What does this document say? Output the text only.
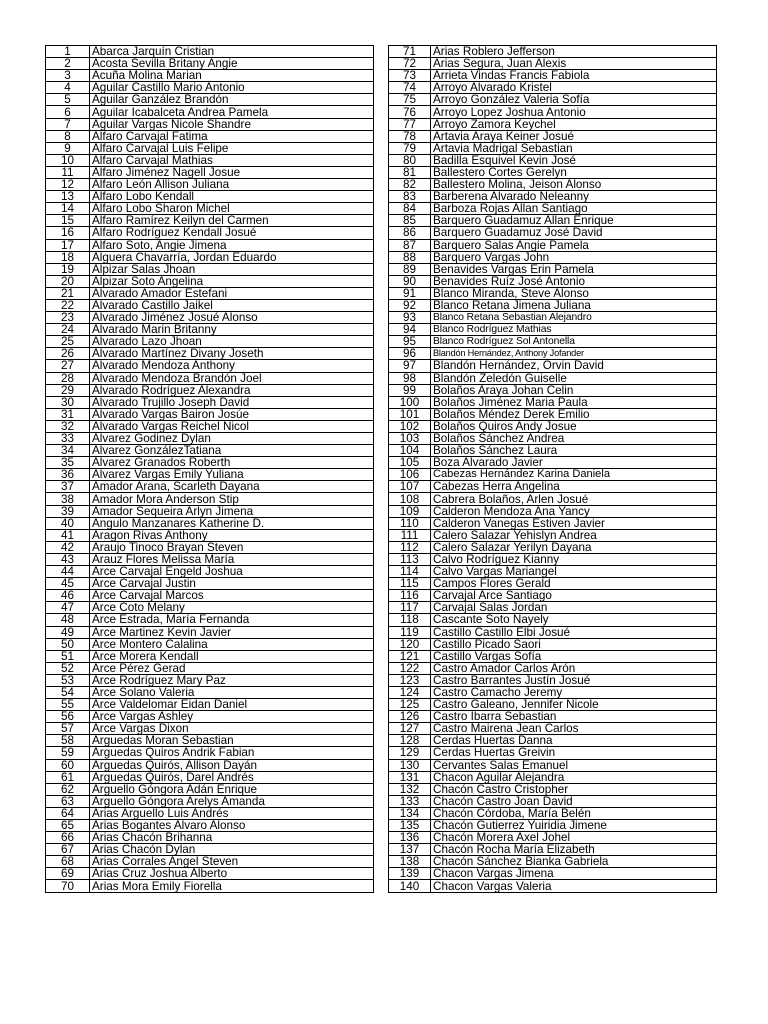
1	Abarca Jarquín Cristian
2	Acosta Sevilla Britany Angie
3	Acuña Molina Marian
4	Aguilar Castillo Mario Antonio
5	Aguilar Ganzález Brandón
6	Aguilar Icabalceta Andrea Pamela
7	Aguilar Vargas Nicole Shandre
8	Alfaro Carvajal Fatima
9	Alfaro Carvajal Luis Felipe
10	Alfaro Carvajal Mathias
11	Alfaro Jiménez Nagell Josue
12	Alfaro León Allison Juliana
13	Alfaro Lobo Kendall
14	Alfaro Lobo Sharon Michel
15	Alfaro Ramírez Keilyn del Carmen
16	Alfaro Rodríguez Kendall Josué
17	Alfaro Soto, Angie Jimena
18	Alguera Chavarría, Jordan Eduardo
19	Alpizar Salas Jhoan
20	Alpizar Soto Angelina
21	Alvarado Amador Estefani
22	Alvarado Castillo Jaikel
23	Alvarado Jiménez Josué Alonso
24	Alvarado Marin Britanny
25	Alvarado Lazo Jhoan
26	Alvarado Martínez Divany Joseth
27	Alvarado Mendoza Anthony
28	Alvarado Mendoza Brandón Joel
29	Alvarado Rodríguez Alexandra
30	Alvarado Trujillo Joseph David
31	Alvarado Vargas Bairon Josúe
32	Alvarado Vargas Reichel Nicol
33	Alvarez Godinez Dylan
34	Alvarez GonzálezTatiana
35	Alvarez Granados Roberth
36	Alvarez Vargas Emily Yuliana
37	Amador Arana, Scarleth Dayana
38	Amador Mora Anderson Stip
39	Amador Sequeira Arlyn Jimena
40	Angulo Manzanares Katherine D.
41	Aragon Rivas Anthony
42	Araujo Tinoco Brayan Steven
43	Arauz Flores Melissa María
44	Arce Carvajal Engeld Joshua
45	Arce Carvajal Justin
46	Arce Carvajal Marcos
47	Arce Coto Melany
48	Arce Estrada, María Fernanda
49	Arce Martinez Kevin Javier
50	Arce Montero Calalina
51	Arce Morera Kendall
52	Arce Pérez Gerad
53	Arce Rodríguez Mary Paz
54	Arce Solano Valeria
55	Arce Valdelomar Eidan Daniel
56	Arce Vargas Ashley
57	Arce Vargas Dixon
58	Arguedas Moran Sebastian
59	Arguedas Quiros Andrik Fabian
60	Arguedas Quirós, Allison Dayán
61	Arguedas Quirós, Darel Andrés
62	Arguello Góngora Adán Enrique
63	Arguello Góngora Arelys Amanda
64	Arias Arguello Luis Andrés
65	Arias Bogantes Alvaro Alonso
66	Arias Chacón Brihanna
67	Arias Chacón Dylan
68	Arias Corrales Angel Steven
69	Arias Cruz Joshua Alberto
70	Arias Mora Emily Fiorella
71	Arias Roblero Jefferson
72	Arias Segura, Juan Alexis
73	Arrieta Vindas Francis Fabiola
74	Arroyo Alvarado Kristel
75	Arroyo González Valeria Sofía
76	Arroyo Lopez Joshua Antonio
77	Arroyo Zamora Keychel
78	Artavia Araya Keiner Josué
79	Artavia Madrigal Sebastian
80	Badilla Esquivel Kevin José
81	Ballestero Cortes Gerelyn
82	Ballestero Molina, Jeison Alonso
83	Barberena Alvarado Neleanny
84	Barboza Rojas Allan Santiago
85	Barquero Guadamuz Allan Enrique
86	Barquero Guadamuz José David
87	Barquero Salas Angie Pamela
88	Barquero Vargas John
89	Benavides Vargas Erin Pamela
90	Benavides Ruíz José Antonio
91	Blanco Miranda, Steve Alonso
92	Blanco Retana Jimena Juliana
93	Blanco Retana Sebastian Alejandro
94	Blanco Rodríguez Mathias
95	Blanco Rodríguez Sol Antonella
96	Blandón Hernández, Anthony Jofander
97	Blandón Hernández, Orvin David
98	Blandón Zeledón Guiselle
99	Bolaños Araya Johan Celin
100	Bolaños Jiménez Maria Paula
101	Bolaños Méndez Derek Emilio
102	Bolaños Quiros Andy Josue
103	Bolaños Sánchez Andrea
104	Bolaños Sánchez Laura
105	Boza Alvarado Javier
106	Cabezas Hernández Karina Daniela
107	Cabezas Herra Angelina
108	Cabrera Bolaños, Arlen Josué
109	Calderon Mendoza Ana Yancy
110	Calderon Vanegas Estiven Javier
111	Calero Salazar Yehislyn Andrea
112	Calero Salazar Yerilyn Dayana
113	Calvo Rodríguez Kianny
114	Calvo Vargas Mariangel
115	Campos Flores Gerald
116	Carvajal Arce Santiago
117	Carvajal Salas Jordan
118	Cascante Soto Nayely
119	Castillo Castillo Elbi Josué
120	Castillo Picado Saori
121	Castillo Vargas Sofía
122	Castro Amador Carlos Arón
123	Castro Barrantes Justín Josué
124	Castro Camacho Jeremy
125	Castro Galeano, Jennifer Nicole
126	Castro Ibarra Sebastian
127	Castro Mairena Jean Carlos
128	Cerdas Huertas Danna
129	Cerdas Huertas Greivin
130	Cervantes Salas Emanuel
131	Chacon Aguilar Alejandra
132	Chacón Castro Cristopher
133	Chacón Castro Joan David
134	Chacón Córdoba, María Belén
135	Chacón Gutierrez Yuiridia Jimene
136	Chacón Morera Axel Johel
137	Chacón Rocha María Elizabeth
138	Chacón Sánchez Bianka Gabriela
139	Chacon Vargas Jimena
140	Chacon Vargas Valeria
